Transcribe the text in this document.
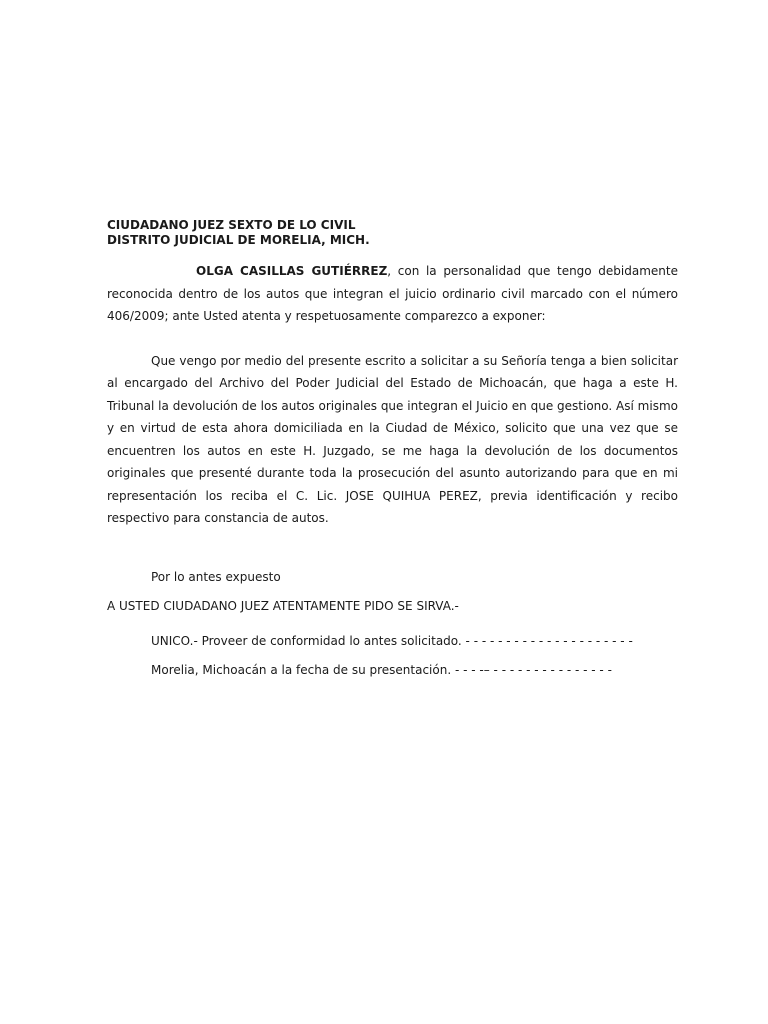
CIUDADANO JUEZ SEXTO DE LO CIVIL

DISTRITO JUDICIAL DE MORELIA, MICH.

OLGA CASILLAS GUTIÉRREZ, con la personalidad que tengo debidamente reconocida dentro de los autos que integran el juicio ordinario civil marcado con el número 406/2009; ante Usted atenta y respetuosamente comparezco a exponer:

Que vengo por medio del presente escrito a solicitar a su Señoría tenga a bien solicitar al encargado del Archivo del Poder Judicial del Estado de Michoacán, que haga a este H. Tribunal la devolución de los autos originales que integran el Juicio en que gestiono. Así mismo y en virtud de esta ahora domiciliada en la Ciudad de México, solicito que una vez que se encuentren los autos en este H. Juzgado, se me haga la devolución de los documentos originales que presenté durante toda la prosecución del asunto autorizando para que en mi representación los reciba el C. Lic. JOSE QUIHUA PEREZ, previa identificación y recibo respectivo para constancia de autos.

Por lo antes expuesto

A USTED CIUDADANO JUEZ ATENTAMENTE PIDO SE SIRVA.-

UNICO.- Proveer de conformidad lo antes solicitado. - - - - - - - - - - - - - - - - - - - - -

Morelia, Michoacán a la fecha de su presentación. - - - -– - - - - - - - - - - - - - - -
